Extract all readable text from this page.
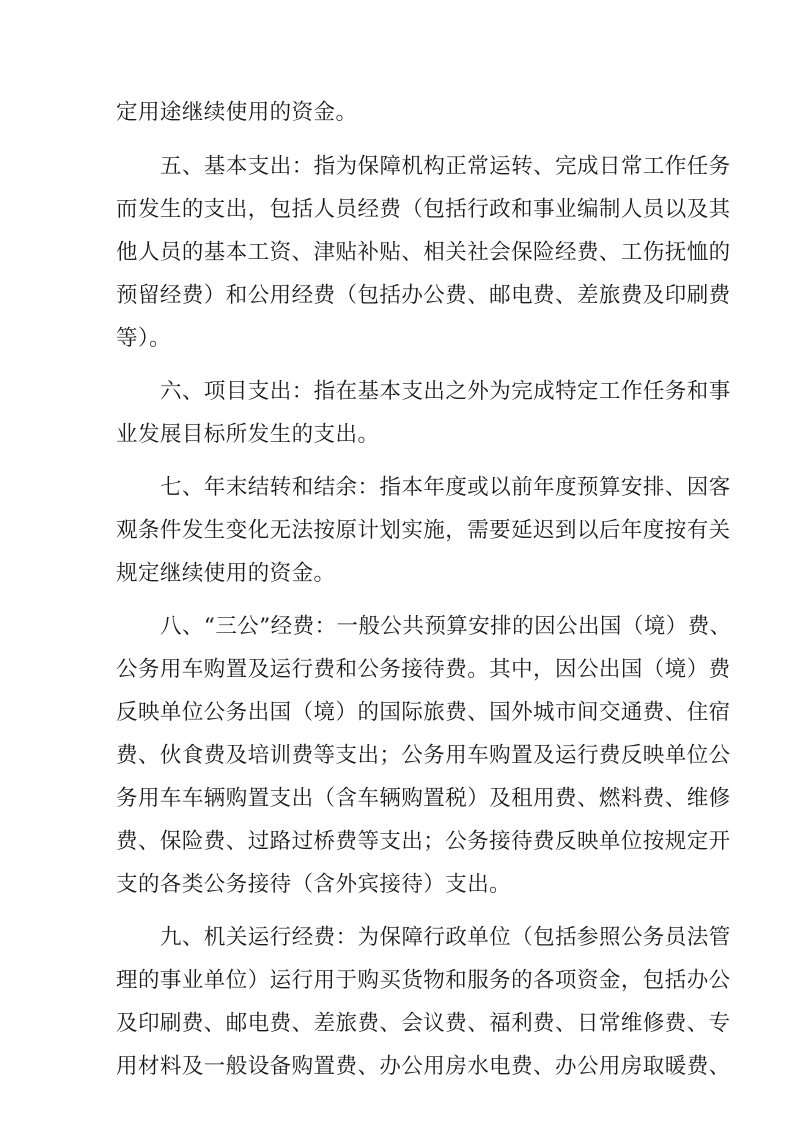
定用途继续使用的资金。
五、基本支出：指为保障机构正常运转、完成日常工作任务
而发生的支出，包括人员经费（包括行政和事业编制人员以及其
他人员的基本工资、津贴补贴、相关社会保险经费、工伤抚恤的
预留经费）和公用经费（包括办公费、邮电费、差旅费及印刷费
等）。
六、项目支出：指在基本支出之外为完成特定工作任务和事
业发展目标所发生的支出。
七、年末结转和结余：指本年度或以前年度预算安排、因客
观条件发生变化无法按原计划实施，需要延迟到以后年度按有关
规定继续使用的资金。
八、“三公”经费：一般公共预算安排的因公出国（境）费、
公务用车购置及运行费和公务接待费。其中，因公出国（境）费
反映单位公务出国（境）的国际旅费、国外城市间交通费、住宿
费、伙食费及培训费等支出；公务用车购置及运行费反映单位公
务用车车辆购置支出（含车辆购置税）及租用费、燃料费、维修
费、保险费、过路过桥费等支出；公务接待费反映单位按规定开
支的各类公务接待（含外宾接待）支出。
九、机关运行经费：为保障行政单位（包括参照公务员法管
理的事业单位）运行用于购买货物和服务的各项资金，包括办公
及印刷费、邮电费、差旅费、会议费、福利费、日常维修费、专
用材料及一般设备购置费、办公用房水电费、办公用房取暖费、
